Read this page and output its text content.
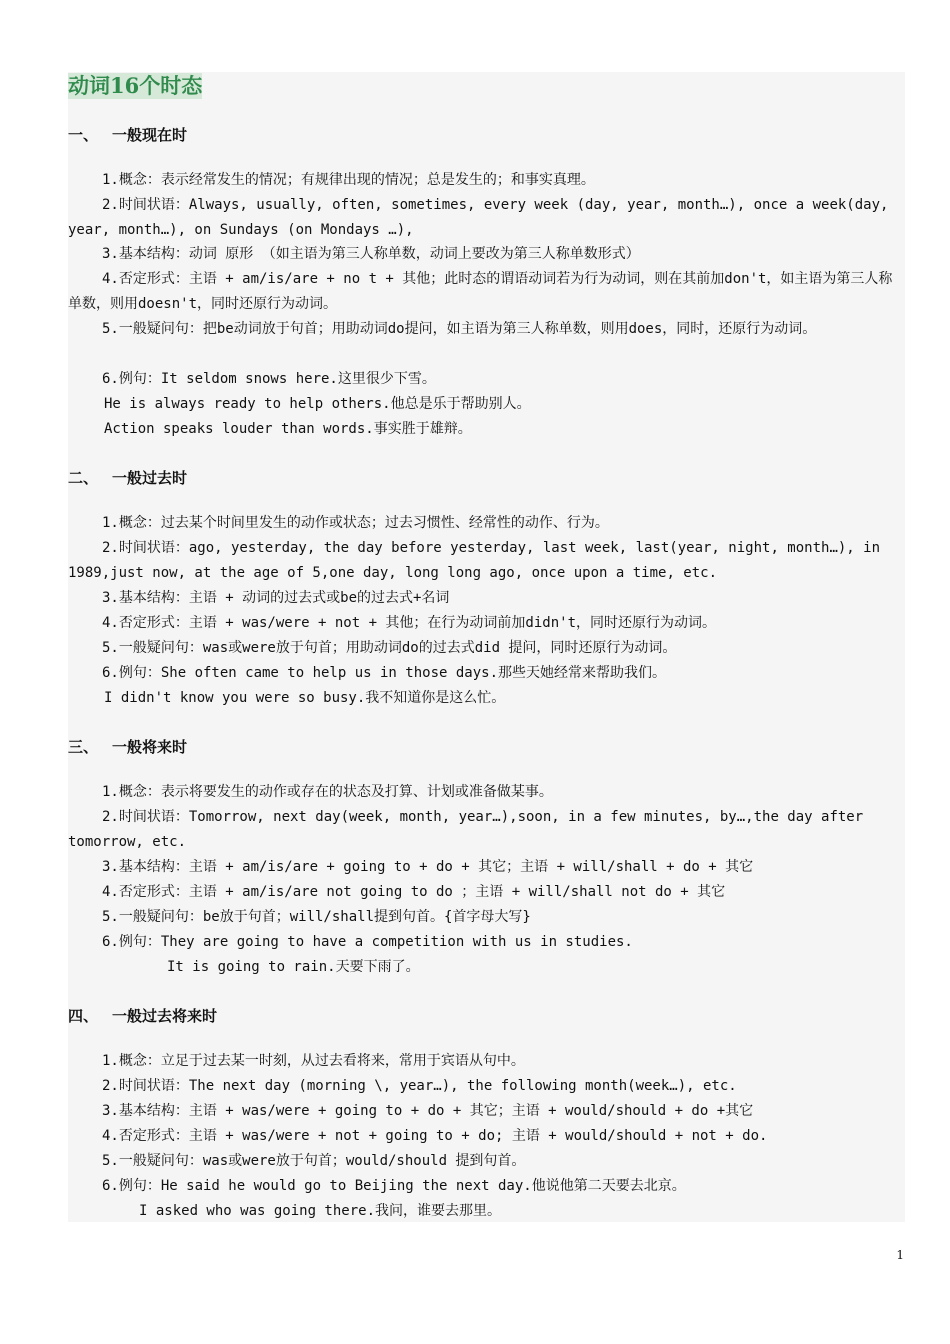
动词16个时态
一、 一般现在时
1.概念：表示经常发生的情况；有规律出现的情况；总是发生的；和事实真理。
2.时间状语：Always, usually, often, sometimes, every week (day, year, month…), once a week(day, year, month…), on Sundays (on Mondays …),
3.基本结构：动词 原形 （如主语为第三人称单数，动词上要改为第三人称单数形式）
4.否定形式：主语 + am/is/are + no t + 其他；此时态的谓语动词若为行为动词，则在其前加don't，如主语为第三人称单数，则用doesn't，同时还原行为动词。
5.一般疑问句：把be动词放于句首；用助动词do提问，如主语为第三人称单数，则用does，同时，还原行为动词。
6.例句：It seldom snows here.这里很少下雪。
He is always ready to help others.他总是乐于帮助别人。
Action speaks louder than words.事实胜于雄辩。
二、 一般过去时
1.概念：过去某个时间里发生的动作或状态；过去习惯性、经常性的动作、行为。
2.时间状语：ago, yesterday, the day before yesterday, last week, last(year, night, month…), in 1989,just now, at the age of 5,one day, long long ago, once upon a time, etc.
3.基本结构：主语 + 动词的过去式或be的过去式+名词
4.否定形式：主语 + was/were + not + 其他；在行为动词前加didn't，同时还原行为动词。
5.一般疑问句：was或were放于句首；用助动词do的过去式did 提问，同时还原行为动词。
6.例句：She often came to help us in those days.那些天她经常来帮助我们。
I didn't know you were so busy.我不知道你是这么忙。
三、 一般将来时
1.概念：表示将要发生的动作或存在的状态及打算、计划或准备做某事。
2.时间状语：Tomorrow, next day(week, month, year…),soon, in a few minutes, by…,the day after tomorrow, etc.
3.基本结构：主语 + am/is/are + going to + do + 其它；主语 + will/shall + do + 其它
4.否定形式：主语 + am/is/are not going to do ；主语 + will/shall not do + 其它
5.一般疑问句：be放于句首；will/shall提到句首。{首字母大写}
6.例句：They are going to have a competition with us in studies.
It is going to rain.天要下雨了。
四、 一般过去将来时
1.概念：立足于过去某一时刻，从过去看将来，常用于宾语从句中。
2.时间状语：The next day (morning \, year…), the following month(week…), etc.
3.基本结构：主语 + was/were + going to + do + 其它；主语 + would/should + do +其它
4.否定形式：主语 + was/were + not + going to + do; 主语 + would/should + not + do.
5.一般疑问句：was或were放于句首；would/should 提到句首。
6.例句：He said he would go to Beijing the next day.他说他第二天要去北京。
I asked who was going there.我问，谁要去那里。
1
